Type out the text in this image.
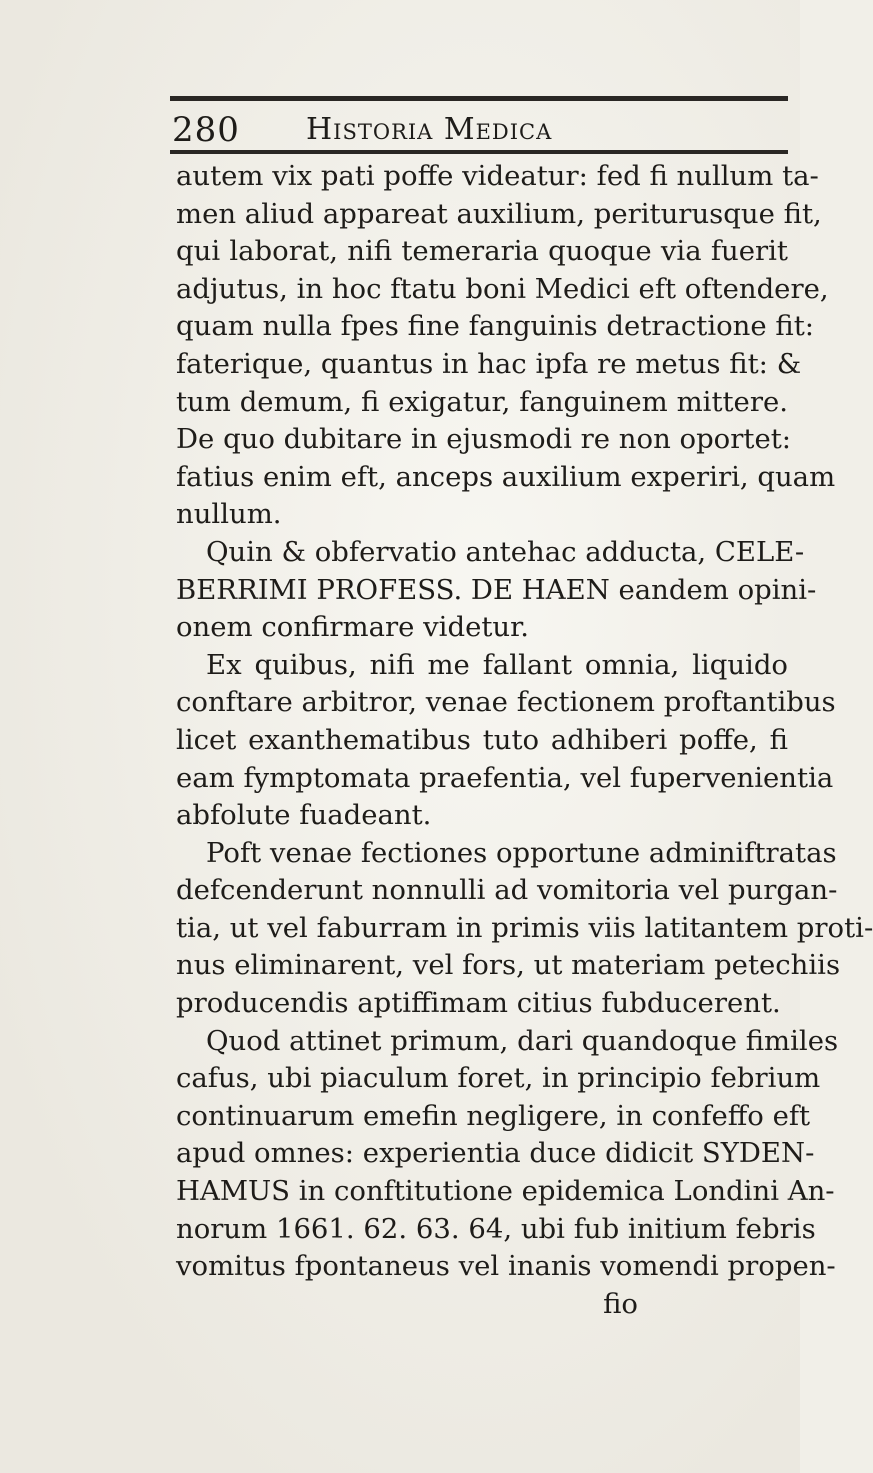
280 Historia Medica
autem vix pati poffe videatur: fed fi nullum ta-
men aliud appareat auxilium, periturusque fit,
qui laborat, nifi temeraria quoque via fuerit
adjutus, in hoc ftatu boni Medici eft oftendere,
quam nulla fpes fine fanguinis detractione fit:
faterique, quantus in hac ipfa re metus fit: &
tum demum, fi exigatur, fanguinem mittere.
De quo dubitare in ejusmodi re non oportet:
fatius enim eft, anceps auxilium experiri, quam
nullum.
Quin & obfervatio antehac adducta, CELE-
BERRIMI PROFESS. DE HAEN eandem opini-
onem confirmare videtur.
Ex quibus, nifi me fallant omnia, liquido
conftare arbitror, venae fectionem proftantibus
licet exanthematibus tuto adhiberi poffe, fi
eam fymptomata praefentia, vel fupervenientia
abfolute fuadeant.
Poft venae fectiones opportune adminiftratas
defcenderunt nonnulli ad vomitoria vel purgan-
tia, ut vel faburram in primis viis latitantem proti-
nus eliminarent, vel fors, ut materiam petechiis
producendis aptiffimam citius fubducerent.
Quod attinet primum, dari quandoque fimiles
cafus, ubi piaculum foret, in principio febrium
continuarum emefin negligere, in confeffo eft
apud omnes: experientia duce didicit SYDEN-
HAMUS in conftitutione epidemica Londini An-
norum 1661. 62. 63. 64, ubi fub initium febris
vomitus fpontaneus vel inanis vomendi propen-
fio
